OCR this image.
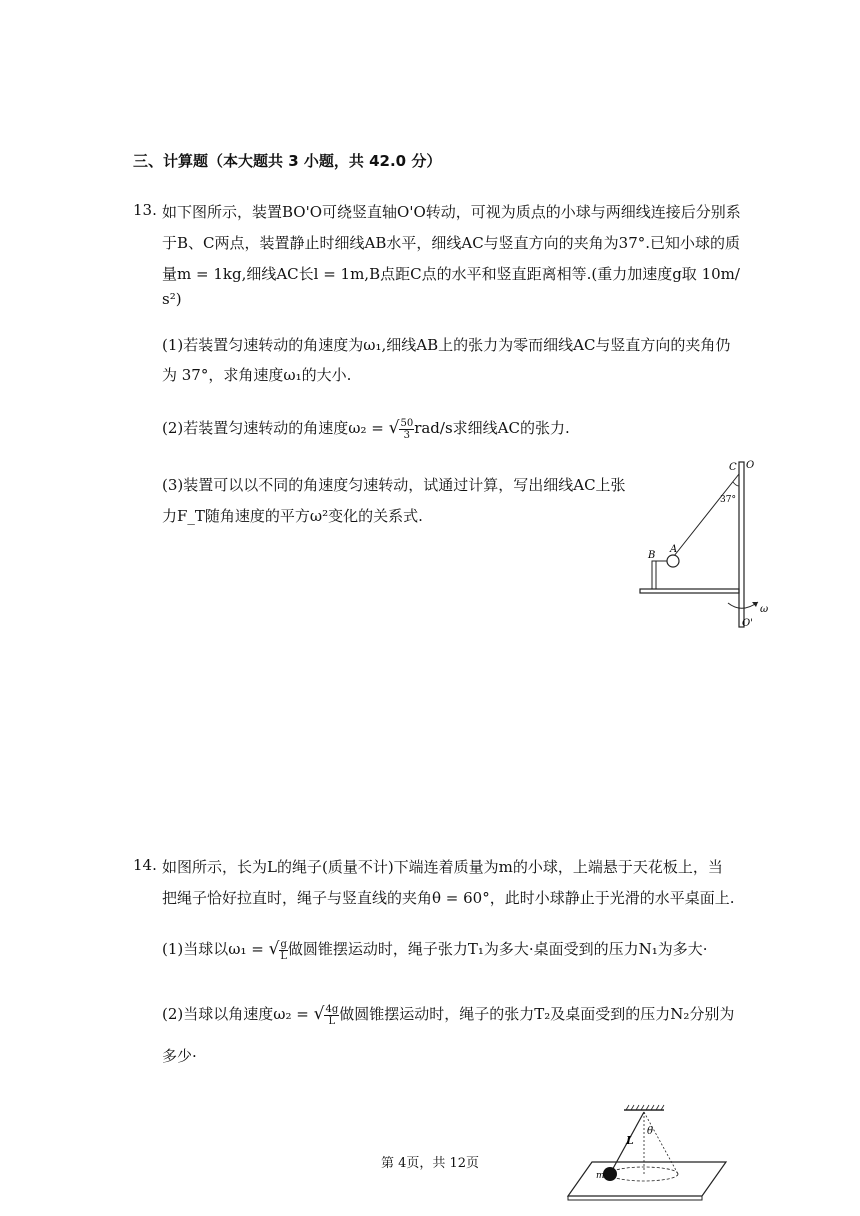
三、计算题（本大题共 3 小题，共 42.0 分）
13. 如下图所示，装置BO'O可绕竖直轴O'O转动，可视为质点的小球与两细线连接后分别系
于B、C两点，装置静止时细线AB水平，细线AC与竖直方向的夹角为37°.已知小球的质
量m = 1kg,细线AC长l = 1m,B点距C点的水平和竖直距离相等.(重力加速度g取 10m/
s²)
(1)若装置匀速转动的角速度为ω₁,细线AB上的张力为零而细线AC与竖直方向的夹角仍
为 37°，求角速度ω₁的大小.
(2)若装置匀速转动的角速度ω₂ = √ $\frac{50}{3} rad/s$求细线AC的张力.
(3)装置可以以不同的角速度匀速转动，试通过计算，写出细线AC上张
力F_T随角速度的平方ω²变化的关系式.
C O
37°
A
B
ω
O'
14. 如图所示，长为L的绳子(质量不计)下端连着质量为m的小球，上端悬于天花板上，当
把绳子恰好拉直时，绳子与竖直线的夹角θ = 60°，此时小球静止于光滑的水平桌面上.
(1)当球以ω₁ = √ $\frac{g}{L}$ 做圆锥摆运动时，绳子张力T₁为多大·桌面受到的压力N₁为多大·
(2)当球以角速度ω₂ = √ $\frac{4g}{L}$ 做圆锥摆运动时，绳子的张力T₂及桌面受到的压力N₂分别为
多少·
L
θ
m
第 4页，共 12页
